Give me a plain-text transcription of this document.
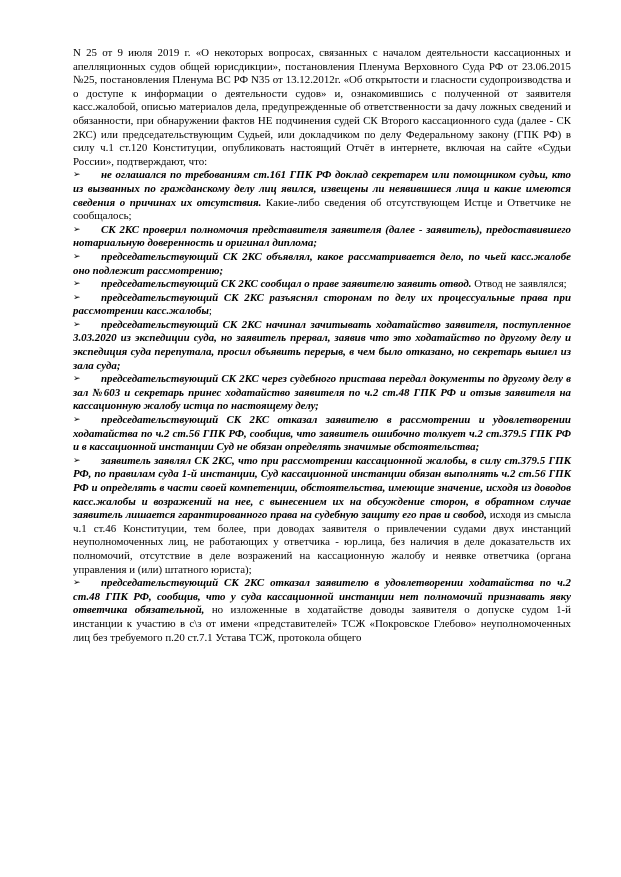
N 25 от 9 июля 2019 г. «О некоторых вопросах, связанных с началом деятельности кассационных и апелляционных судов общей юрисдикции», постановления Пленума Верховного Суда РФ от 23.06.2015 №25, постановления Пленума ВС РФ N35 от 13.12.2012г. «Об открытости и гласности судопроизводства и о доступе к информации о деятельности судов» и, ознакомившись с полученной от заявителя касс.жалобой, описью материалов дела, предупрежденные об ответственности за дачу ложных сведений и обязанности, при обнаружении фактов НЕ подчинения судей СК Второго кассационного суда (далее - СК 2КС) или председательствующим Судьей, или докладчиком по делу Федеральному закону (ГПК РФ) в силу ч.1 ст.120 Конституции, опубликовать настоящий Отчёт в интернете, включая на сайте «Судьи России», подтверждают, что:

➢ не оглашался по требованиям ст.161 ГПК РФ доклад секретарем или помощником судьи, кто из вызванных по гражданскому делу лиц явился, извещены ли неявившиеся лица и какие имеются сведения о причинах их отсутствия. Какие-либо сведения об отсутствующем Истце и Ответчике не сообщалось;

➢ СК 2КС проверил полномочия представителя заявителя (далее - заявитель), предоставившего нотариальную доверенность и оригинал диплома;

➢ председательствующий СК 2КС объявлял, какое рассматривается дело, по чьей касс.жалобе оно подлежит рассмотрению;

➢ председательствующий СК 2КС сообщал о праве заявителю заявить отвод. Отвод не заявлялся;

➢ председательствующий СК 2КС разъяснял сторонам по делу их процессуальные права при рассмотрении касс.жалобы;

➢ председательствующий СК 2КС начинал зачитывать ходатайство заявителя, поступленное 3.03.2020 из экспедиции суда, но заявитель прервал, заявив что это ходатайство по другому делу и экспедиция суда перепутала, просил объявить перерыв, в чем было отказано, но секретарь вышел из зала суда;

➢ председательствующий СК 2КС через судебного пристава передал документы по другому делу в зал №603 и секретарь принес ходатайство заявителя по ч.2 ст.48 ГПК РФ и отзыв заявителя на кассационную жалобу истца по настоящему делу;

➢ председательствующий СК 2КС отказал заявителю в рассмотрении и удовлетворении ходатайства по ч.2 ст.56 ГПК РФ, сообщив, что заявитель ошибочно толкует ч.2 ст.379.5 ГПК РФ и в кассационной инстанции Суд не обязан определять значимые обстоятельства;

➢ заявитель заявлял СК 2КС, что при рассмотрении кассационной жалобы, в силу ст.379.5 ГПК РФ, по правилам суда 1-й инстанции, Суд кассационной инстанции обязан выполнять ч.2 ст.56 ГПК РФ и определять в части своей компетенции, обстоятельства, имеющие значение, исходя из доводов касс.жалобы и возражений на нее, с вынесением их на обсуждение сторон, в обратном случае заявитель лишается гарантированного права на судебную защиту его прав и свобод, исходя из смысла ч.1 ст.46 Конституции, тем более, при доводах заявителя о привлечении судами двух инстанций неуполномоченных лиц, не работающих у ответчика - юр.лица, без наличия в деле доказательств их полномочий, отсутствие в деле возражений на кассационную жалобу и неявке ответчика (органа управления и (или) штатного юриста);

➢ председательствующий СК 2КС отказал заявителю в удовлетворении ходатайства по ч.2 ст.48 ГПК РФ, сообщив, что у суда кассационной инстанции нет полномочий признавать явку ответчика обязательной, но изложенные в ходатайстве доводы заявителя о допуске судом 1-й инстанции к участию в с\з от имени «представителей» ТСЖ «Покровское Глебово» неуполномоченных лиц без требуемого п.20 ст.7.1 Устава ТСЖ, протокола общего
